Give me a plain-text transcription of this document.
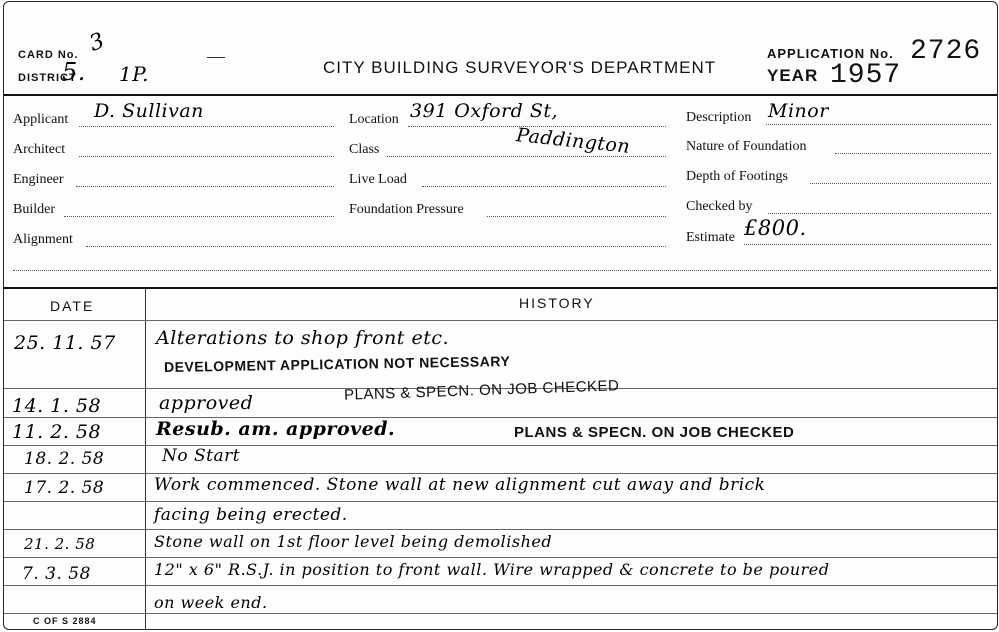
CARD No. 3
DISTRICT
5. 1P.
—
CITY BUILDING SURVEYOR'S DEPARTMENT
APPLICATION No. 2726
YEAR 1957
Applicant D. Sullivan
Architect
Engineer
Builder
Alignment
Location 391 Oxford St,
Class	Paddington
Live Load
Foundation Pressure
Description Minor
Nature of Foundation
Depth of Footings
Checked by
Estimate £800.
DATE	HISTORY
25. 11. 57 Alterations to shop front etc.
DEVELOPMENT APPLICATION NOT NECESSARY
14. 1. 58	approved	PLANS & SPECN. ON JOB CHECKED
11. 2. 58	Resub. am. approved.	PLANS & SPECN. ON JOB CHECKED
18. 2. 58	No Start
17. 2. 58	Work commenced. Stone wall at new alignment cut away and brick
facing being erected.
21. 2. 58	Stone wall on 1st floor level being demolished
7. 3. 58	12" x 6" R.S.J. in position to front wall. Wire wrapped & concrete to be poured
on week end.
C OF S 2884
